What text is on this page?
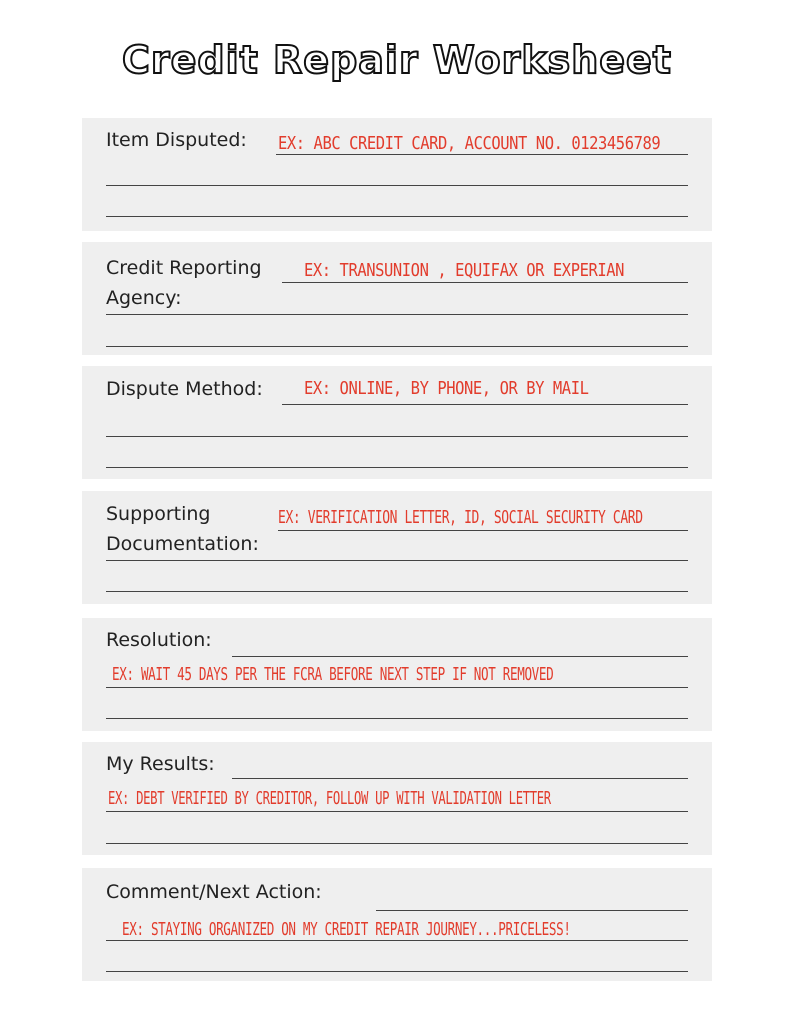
Credit Repair Worksheet
Item Disputed: EX: ABC CREDIT CARD, ACCOUNT NO. 0123456789
Credit Reporting
Agency:
EX: TRANSUNION , EQUIFAX OR EXPERIAN
Dispute Method: EX: ONLINE, BY PHONE, OR BY MAIL
Supporting
Documentation:
EX: VERIFICATION LETTER, ID, SOCIAL SECURITY CARD
Resolution:
EX: WAIT 45 DAYS PER THE FCRA BEFORE NEXT STEP IF NOT REMOVED
My Results:
EX: DEBT VERIFIED BY CREDITOR, FOLLOW UP WITH VALIDATION LETTER
Comment/Next Action:
EX: STAYING ORGANIZED ON MY CREDIT REPAIR JOURNEY...PRICELESS!
